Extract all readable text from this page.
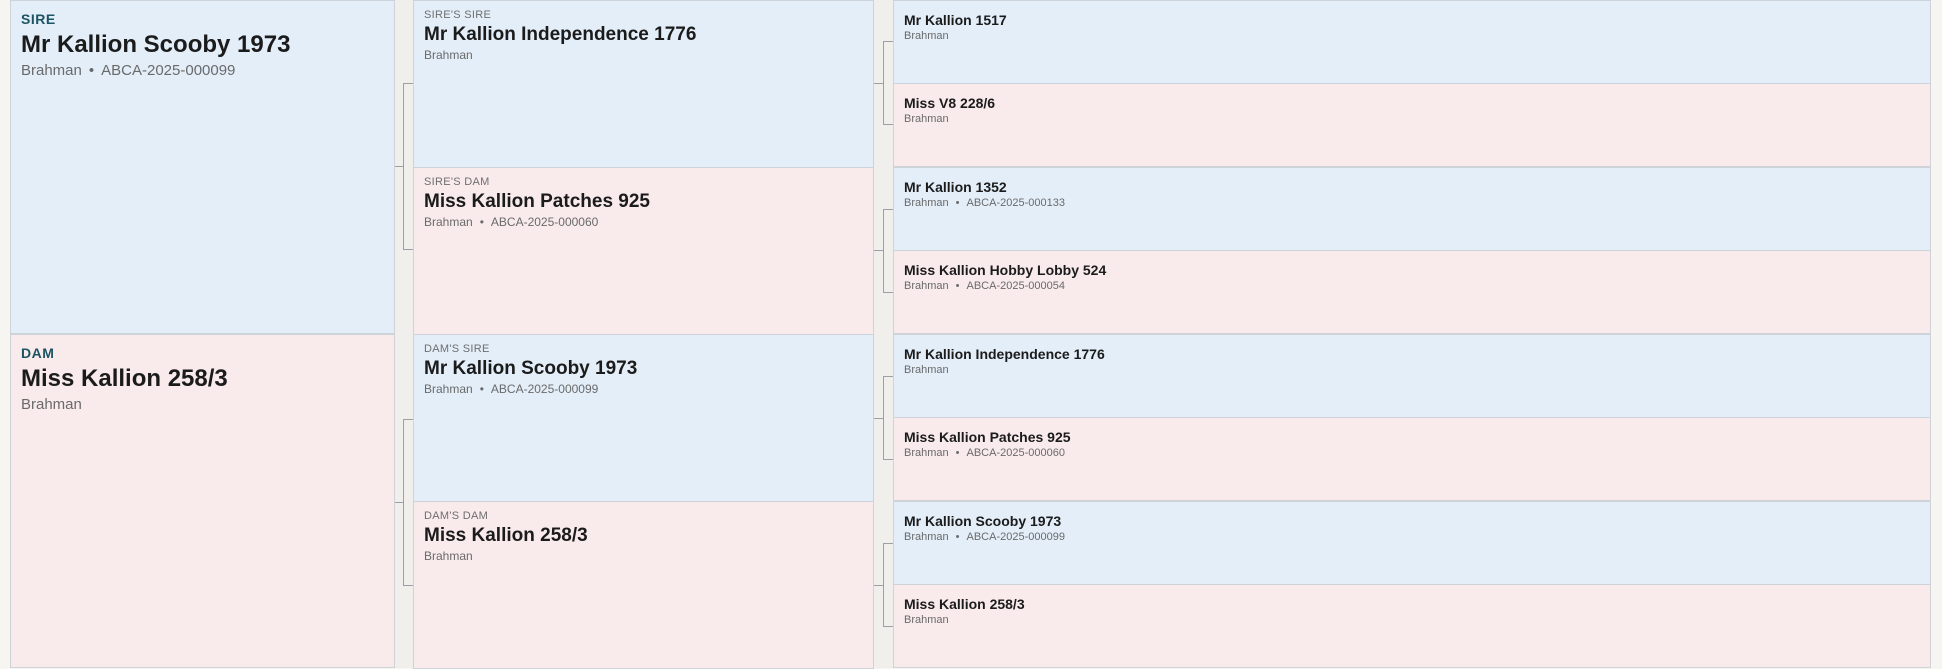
SIRE
Mr Kallion Scooby 1973
Brahman • ABCA-2025-000099
DAM
Miss Kallion 258/3
Brahman
SIRE'S SIRE
Mr Kallion Independence 1776
Brahman
SIRE'S DAM
Miss Kallion Patches 925
Brahman • ABCA-2025-000060
DAM'S SIRE
Mr Kallion Scooby 1973
Brahman • ABCA-2025-000099
DAM'S DAM
Miss Kallion 258/3
Brahman
Mr Kallion 1517
Brahman
Miss V8 228/6
Brahman
Mr Kallion 1352
Brahman • ABCA-2025-000133
Miss Kallion Hobby Lobby 524
Brahman • ABCA-2025-000054
Mr Kallion Independence 1776
Brahman
Miss Kallion Patches 925
Brahman • ABCA-2025-000060
Mr Kallion Scooby 1973
Brahman • ABCA-2025-000099
Miss Kallion 258/3
Brahman
